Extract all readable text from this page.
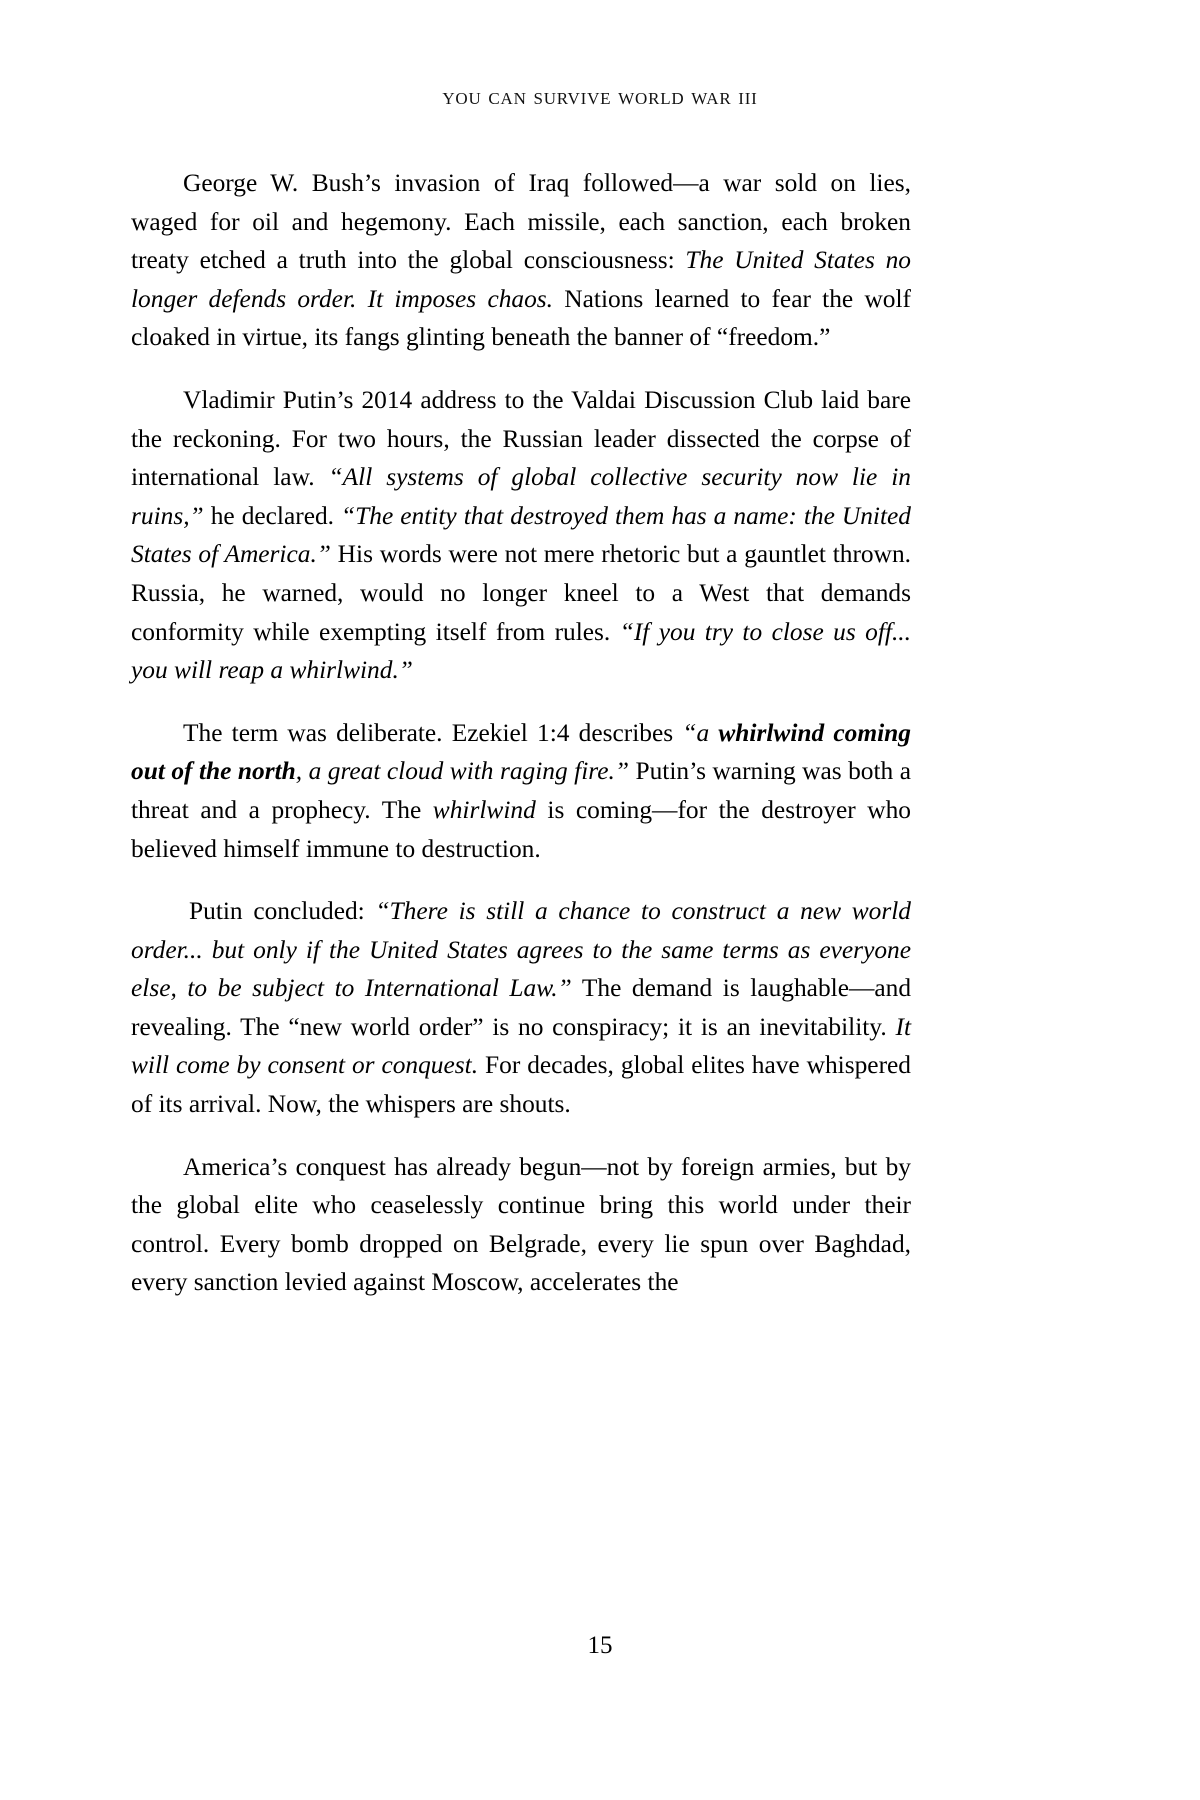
you can survive world war iii

George W. Bush’s invasion of Iraq followed—a war sold on lies, waged for oil and hegemony. Each missile, each sanction, each broken treaty etched a truth into the global consciousness: The United States no longer defends order. It imposes chaos. Nations learned to fear the wolf cloaked in virtue, its fangs glinting beneath the banner of “freedom.”

Vladimir Putin’s 2014 address to the Valdai Discussion Club laid bare the reckoning. For two hours, the Russian leader dissected the corpse of international law. “All systems of global collective security now lie in ruins,” he declared. “The entity that destroyed them has a name: the United States of America.” His words were not mere rhetoric but a gauntlet thrown. Russia, he warned, would no longer kneel to a West that demands conformity while exempting itself from rules. “If you try to close us off... you will reap a whirlwind.”

The term was deliberate. Ezekiel 1:4 describes “a whirlwind coming out of the north, a great cloud with raging fire.” Putin’s warning was both a threat and a prophecy. The whirlwind is coming—for the destroyer who believed himself immune to destruction.

Putin concluded: “There is still a chance to construct a new world order... but only if the United States agrees to the same terms as everyone else, to be subject to International Law.” The demand is laughable—and revealing. The “new world order” is no conspiracy; it is an inevitability. It will come by consent or conquest. For decades, global elites have whispered of its arrival. Now, the whispers are shouts.

America’s conquest has already begun—not by foreign armies, but by the global elite who ceaselessly continue bring this world under their control. Every bomb dropped on Belgrade, every lie spun over Baghdad, every sanction levied against Moscow, accelerates the

15
